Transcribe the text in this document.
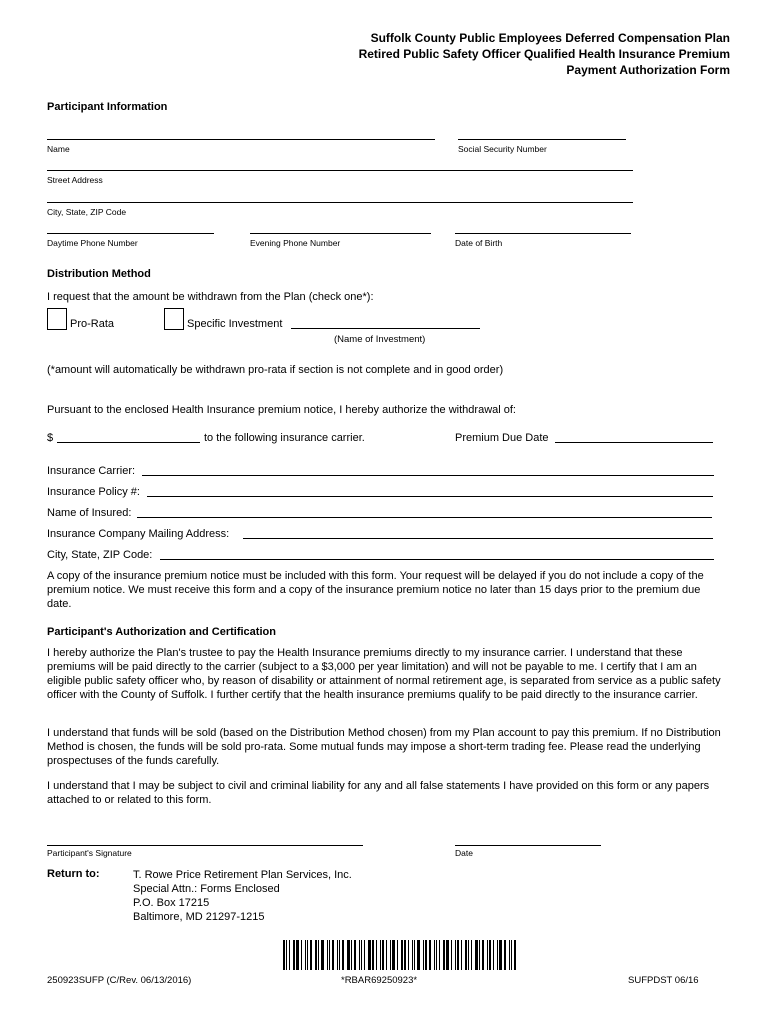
Suffolk County Public Employees Deferred Compensation Plan
Retired Public Safety Officer Qualified Health Insurance Premium
Payment Authorization Form
Participant Information
Name	Social Security Number
Street Address
City, State, ZIP Code
Daytime Phone Number	Evening Phone Number	Date of Birth
Distribution Method
I request that the amount be withdrawn from the Plan (check one*):
Pro-Rata	Specific Investment
(Name of Investment)
(*amount will automatically be withdrawn pro-rata if section is not complete and in good order)
Pursuant to the enclosed Health Insurance premium notice, I hereby authorize the withdrawal of:
$	to the following insurance carrier.	Premium Due Date
Insurance Carrier:
Insurance Policy #:
Name of Insured:
Insurance Company Mailing Address:
City, State, ZIP Code:
A copy of the insurance premium notice must be included with this form. Your request will be delayed if you do not include a copy of the premium notice. We must receive this form and a copy of the insurance premium notice no later than 15 days prior to the premium due date.
Participant's Authorization and Certification
I hereby authorize the Plan's trustee to pay the Health Insurance premiums directly to my insurance carrier. I understand that these premiums will be paid directly to the carrier (subject to a $3,000 per year limitation) and will not be payable to me. I certify that I am an eligible public safety officer who, by reason of disability or attainment of normal retirement age, is separated from service as a public safety officer with the County of Suffolk. I further certify that the health insurance premiums qualify to be paid directly to the insurance carrier.
I understand that funds will be sold (based on the Distribution Method chosen) from my Plan account to pay this premium. If no Distribution Method is chosen, the funds will be sold pro-rata. Some mutual funds may impose a short-term trading fee. Please read the underlying prospectuses of the funds carefully.
I understand that I may be subject to civil and criminal liability for any and all false statements I have provided on this form or any papers attached to or related to this form.
Participant's Signature	Date
Return to:	T. Rowe Price Retirement Plan Services, Inc.
Special Attn.: Forms Enclosed
P.O. Box 17215
Baltimore, MD 21297-1215
*RBAR69250923*
250923SUFP (C/Rev. 06/13/2016)	SUFPDST 06/16
